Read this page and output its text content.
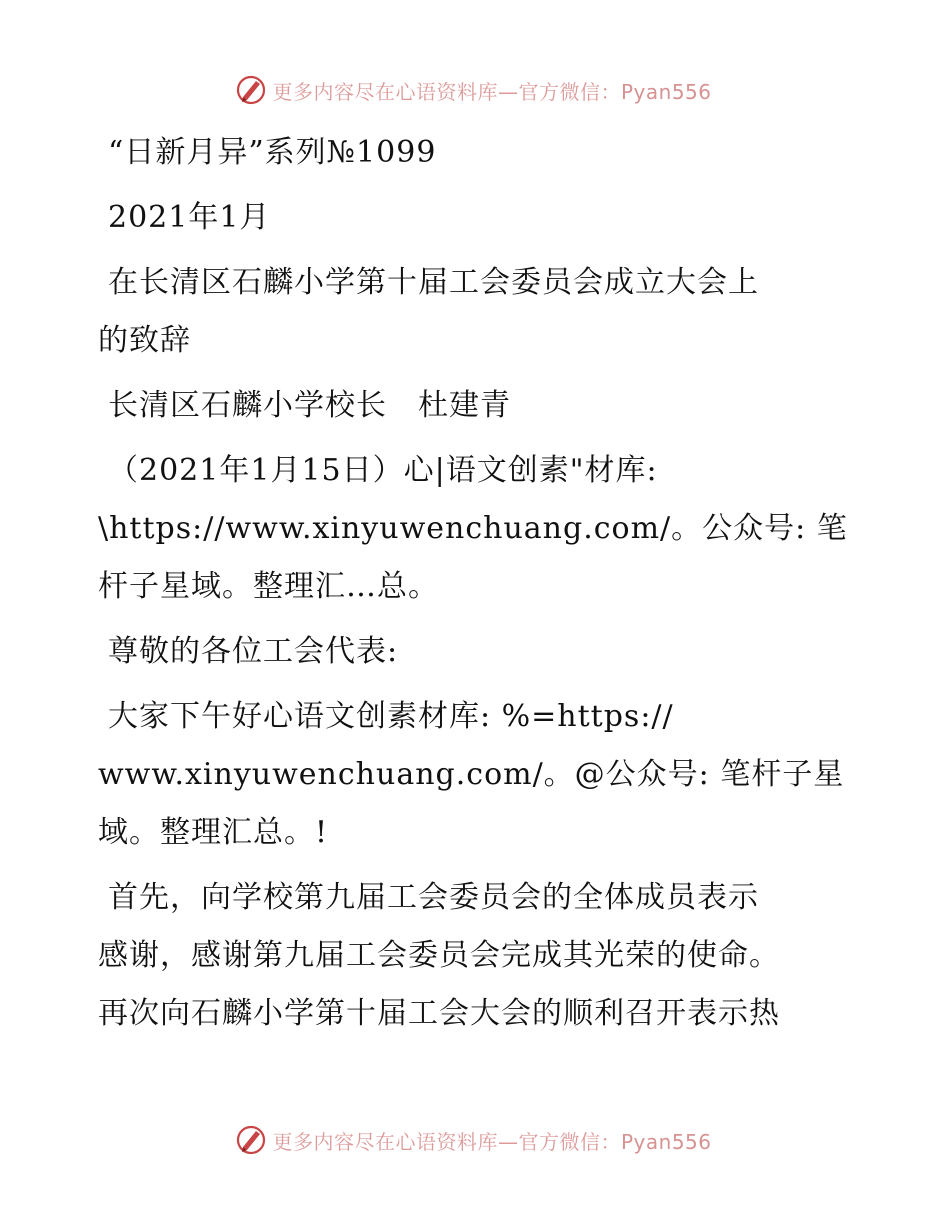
更多内容尽在心语资料库—官方微信：Pyan556

“日新月异”系列№1099

2021年1月

在长清区石麟小学第十届工会委员会成立大会上
的致辞

长清区石麟小学校长　杜建青

（2021年1月15日）心|语文创素"材库:
\https://www.xinyuwenchuang.com/。公众号: 笔
杆子星域。整理汇…总。

尊敬的各位工会代表:

大家下午好心语文创素材库: %=https://
www.xinyuwenchuang.com/。@公众号: 笔杆子星
域。整理汇总。!

首先，向学校第九届工会委员会的全体成员表示
感谢，感谢第九届工会委员会完成其光荣的使命。
再次向石麟小学第十届工会大会的顺利召开表示热

更多内容尽在心语资料库—官方微信：Pyan556
